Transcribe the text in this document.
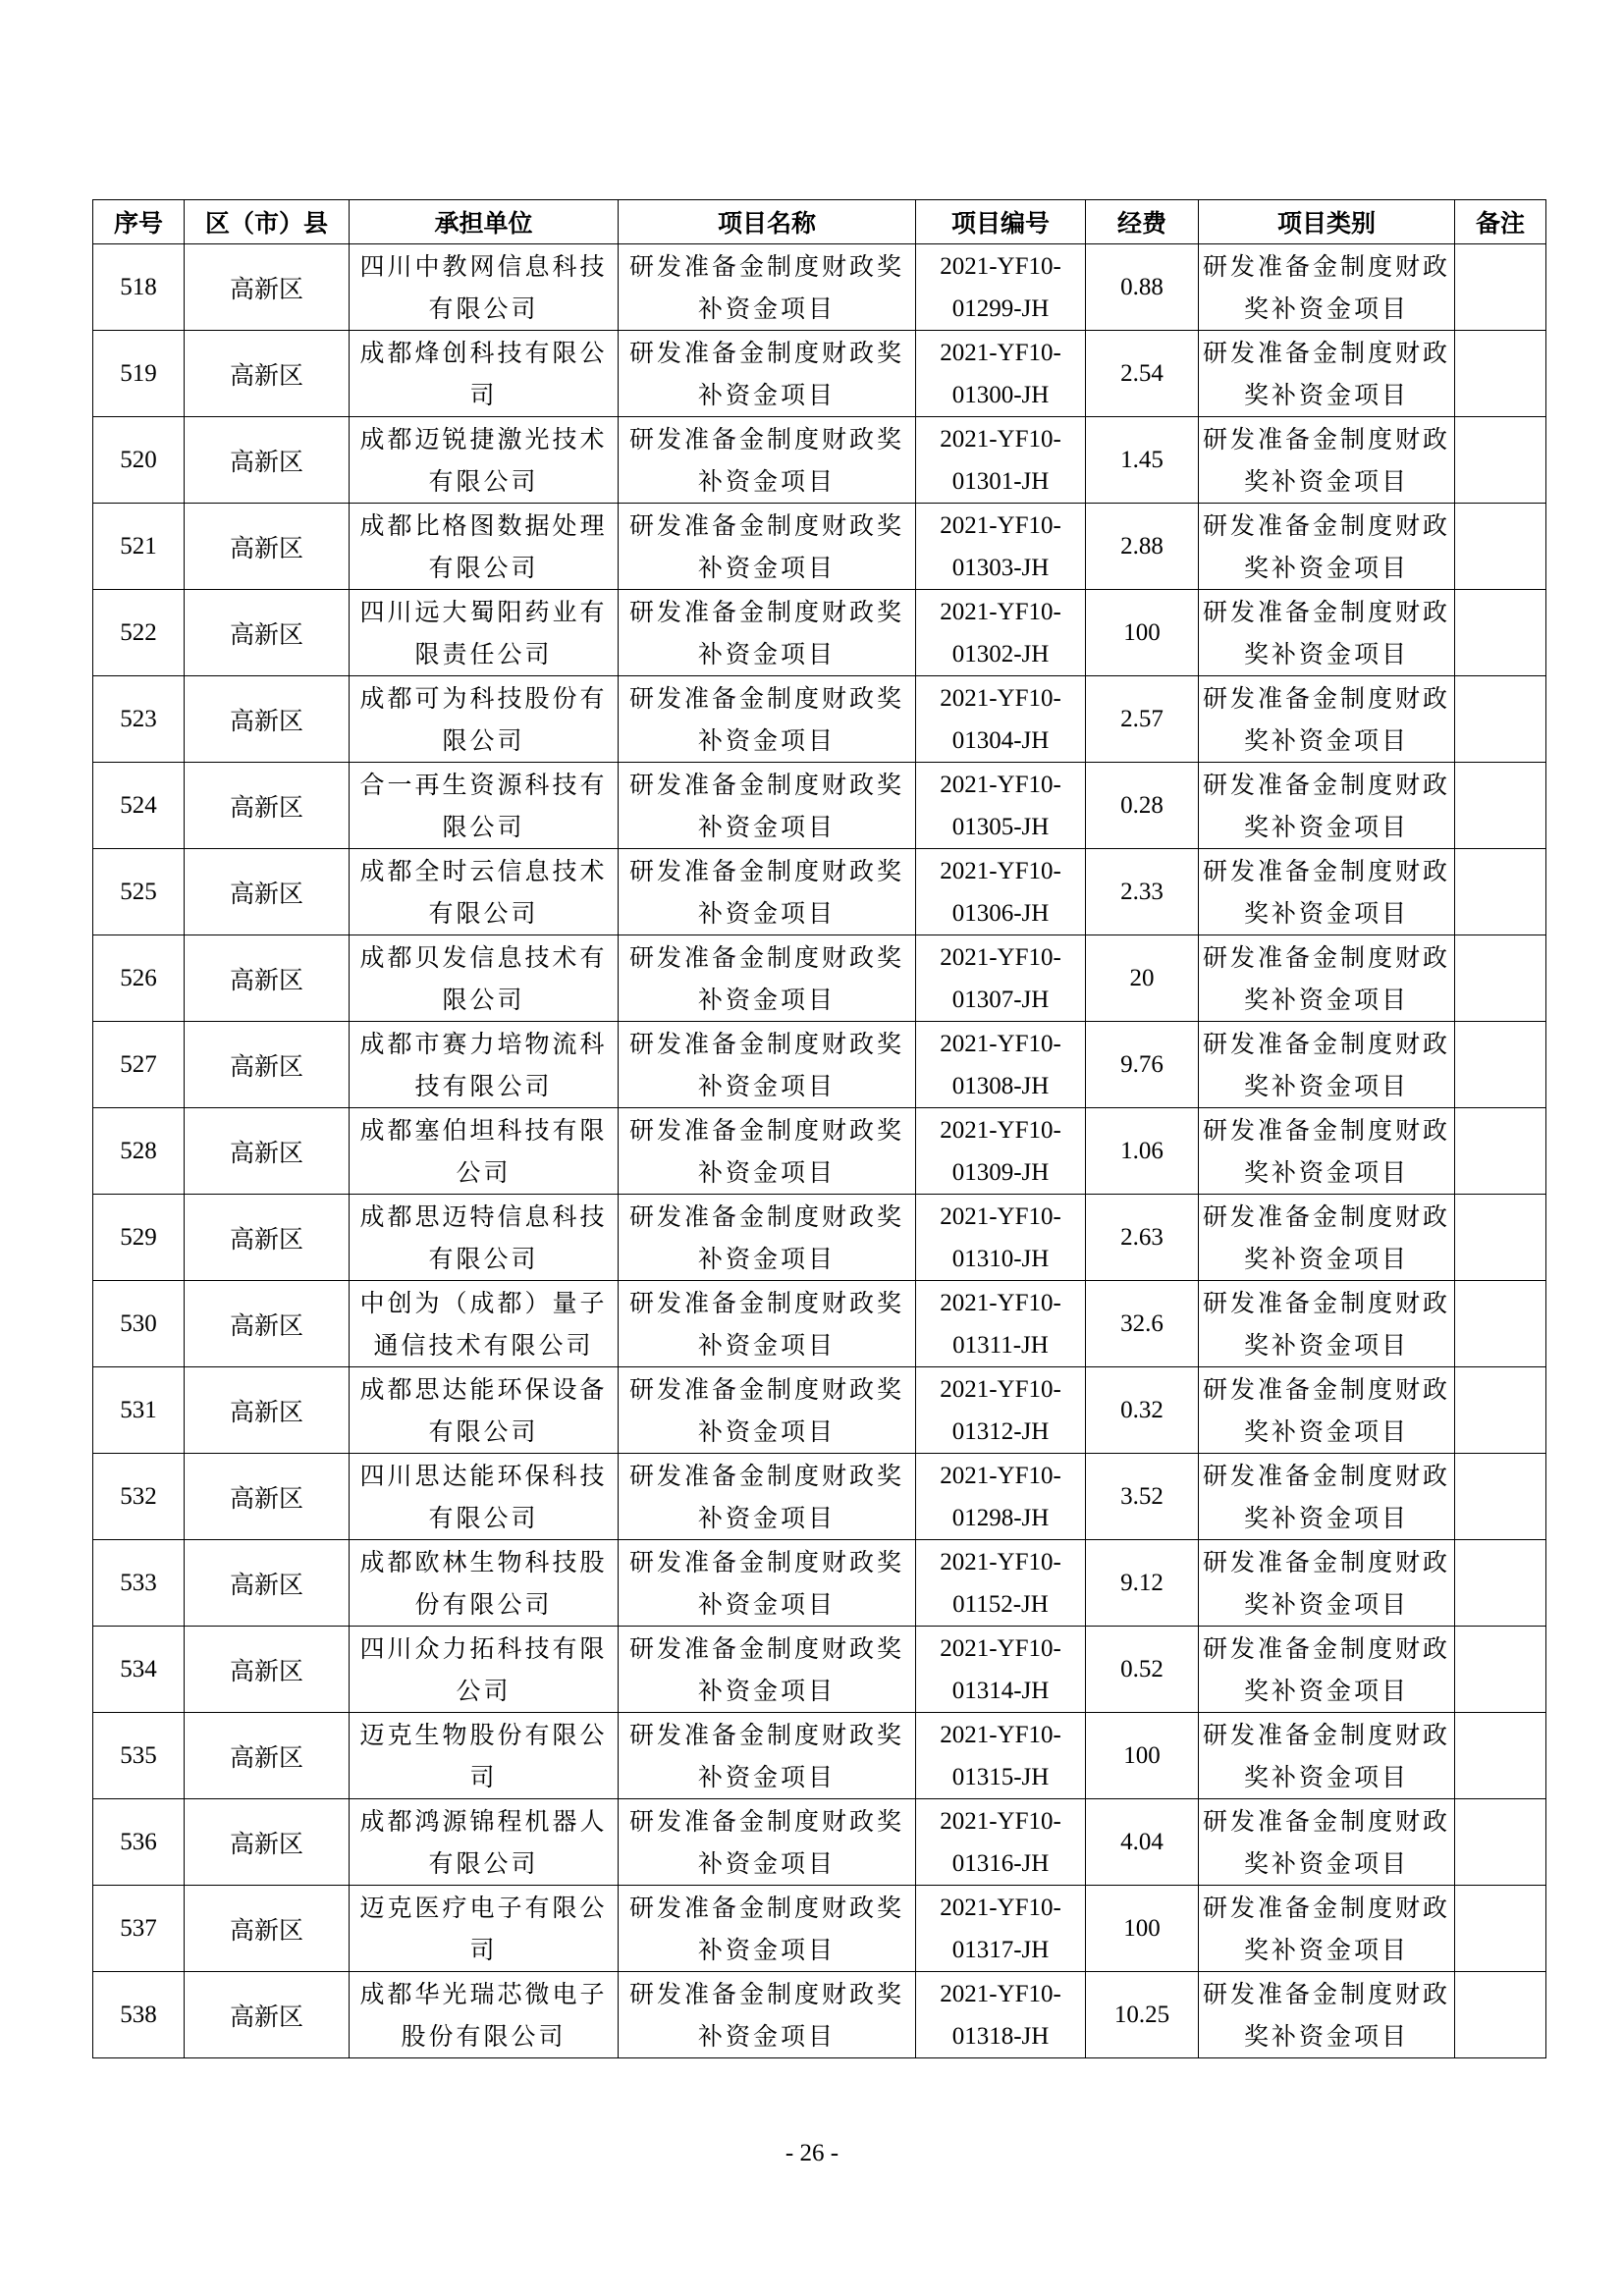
序号	区（市）县	承担单位	项目名称	项目编号	经费	项目类别	备注
518	高新区	四川中教网信息科技有限公司	研发准备金制度财政奖补资金项目	2021-YF10-01299-JH	0.88	研发准备金制度财政奖补资金项目	
519	高新区	成都烽创科技有限公司	研发准备金制度财政奖补资金项目	2021-YF10-01300-JH	2.54	研发准备金制度财政奖补资金项目	
520	高新区	成都迈锐捷激光技术有限公司	研发准备金制度财政奖补资金项目	2021-YF10-01301-JH	1.45	研发准备金制度财政奖补资金项目	
521	高新区	成都比格图数据处理有限公司	研发准备金制度财政奖补资金项目	2021-YF10-01303-JH	2.88	研发准备金制度财政奖补资金项目	
522	高新区	四川远大蜀阳药业有限责任公司	研发准备金制度财政奖补资金项目	2021-YF10-01302-JH	100	研发准备金制度财政奖补资金项目	
523	高新区	成都可为科技股份有限公司	研发准备金制度财政奖补资金项目	2021-YF10-01304-JH	2.57	研发准备金制度财政奖补资金项目	
524	高新区	合一再生资源科技有限公司	研发准备金制度财政奖补资金项目	2021-YF10-01305-JH	0.28	研发准备金制度财政奖补资金项目	
525	高新区	成都全时云信息技术有限公司	研发准备金制度财政奖补资金项目	2021-YF10-01306-JH	2.33	研发准备金制度财政奖补资金项目	
526	高新区	成都贝发信息技术有限公司	研发准备金制度财政奖补资金项目	2021-YF10-01307-JH	20	研发准备金制度财政奖补资金项目	
527	高新区	成都市赛力培物流科技有限公司	研发准备金制度财政奖补资金项目	2021-YF10-01308-JH	9.76	研发准备金制度财政奖补资金项目	
528	高新区	成都塞伯坦科技有限公司	研发准备金制度财政奖补资金项目	2021-YF10-01309-JH	1.06	研发准备金制度财政奖补资金项目	
529	高新区	成都思迈特信息科技有限公司	研发准备金制度财政奖补资金项目	2021-YF10-01310-JH	2.63	研发准备金制度财政奖补资金项目	
530	高新区	中创为（成都）量子通信技术有限公司	研发准备金制度财政奖补资金项目	2021-YF10-01311-JH	32.6	研发准备金制度财政奖补资金项目	
531	高新区	成都思达能环保设备有限公司	研发准备金制度财政奖补资金项目	2021-YF10-01312-JH	0.32	研发准备金制度财政奖补资金项目	
532	高新区	四川思达能环保科技有限公司	研发准备金制度财政奖补资金项目	2021-YF10-01298-JH	3.52	研发准备金制度财政奖补资金项目	
533	高新区	成都欧林生物科技股份有限公司	研发准备金制度财政奖补资金项目	2021-YF10-01152-JH	9.12	研发准备金制度财政奖补资金项目	
534	高新区	四川众力拓科技有限公司	研发准备金制度财政奖补资金项目	2021-YF10-01314-JH	0.52	研发准备金制度财政奖补资金项目	
535	高新区	迈克生物股份有限公司	研发准备金制度财政奖补资金项目	2021-YF10-01315-JH	100	研发准备金制度财政奖补资金项目	
536	高新区	成都鸿源锦程机器人有限公司	研发准备金制度财政奖补资金项目	2021-YF10-01316-JH	4.04	研发准备金制度财政奖补资金项目	
537	高新区	迈克医疗电子有限公司	研发准备金制度财政奖补资金项目	2021-YF10-01317-JH	100	研发准备金制度财政奖补资金项目	
538	高新区	成都华光瑞芯微电子股份有限公司	研发准备金制度财政奖补资金项目	2021-YF10-01318-JH	10.25	研发准备金制度财政奖补资金项目	
- 26 -
